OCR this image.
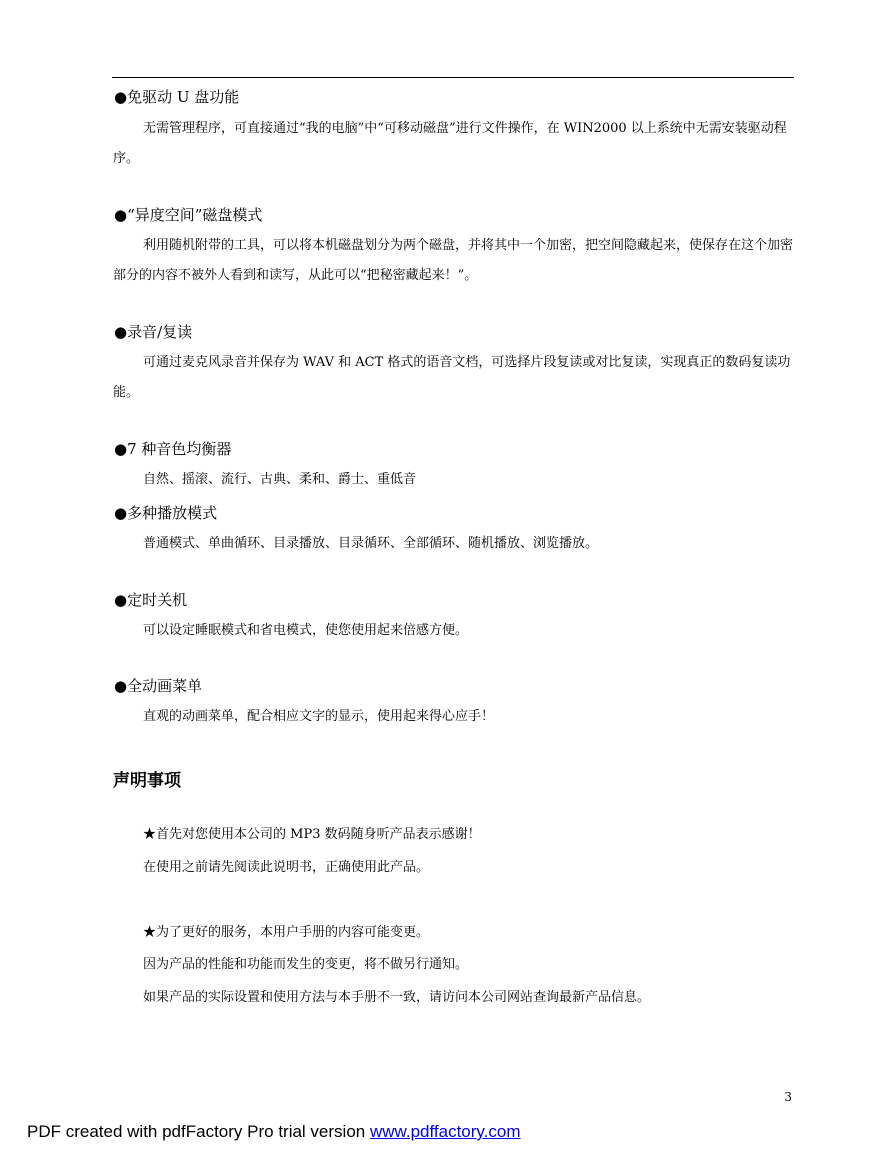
●免驱动 U 盘功能
无需管理程序，可直接通过“我的电脑”中“可移动磁盘”进行文件操作，在 WIN2000 以上系统中无需安装驱动程序。
●“异度空间”磁盘模式
利用随机附带的工具，可以将本机磁盘划分为两个磁盘，并将其中一个加密，把空间隐藏起来，使保存在这个加密部分的内容不被外人看到和读写，从此可以“把秘密藏起来！”。
●录音/复读
可通过麦克风录音并保存为 WAV 和 ACT 格式的语音文档，可选择片段复读或对比复读，实现真正的数码复读功能。
●7 种音色均衡器
自然、摇滚、流行、古典、柔和、爵士、重低音
●多种播放模式
普通模式、单曲循环、目录播放、目录循环、全部循环、随机播放、浏览播放。
●定时关机
可以设定睡眠模式和省电模式，使您使用起来倍感方便。
●全动画菜单
直观的动画菜单，配合相应文字的显示，使用起来得心应手！
声明事项
★首先对您使用本公司的 MP3 数码随身听产品表示感谢！
在使用之前请先阅读此说明书，正确使用此产品。
★为了更好的服务，本用户手册的内容可能变更。
因为产品的性能和功能而发生的变更，将不做另行通知。
如果产品的实际设置和使用方法与本手册不一致，请访问本公司网站查询最新产品信息。
3
PDF created with pdfFactory Pro trial version www.pdffactory.com
